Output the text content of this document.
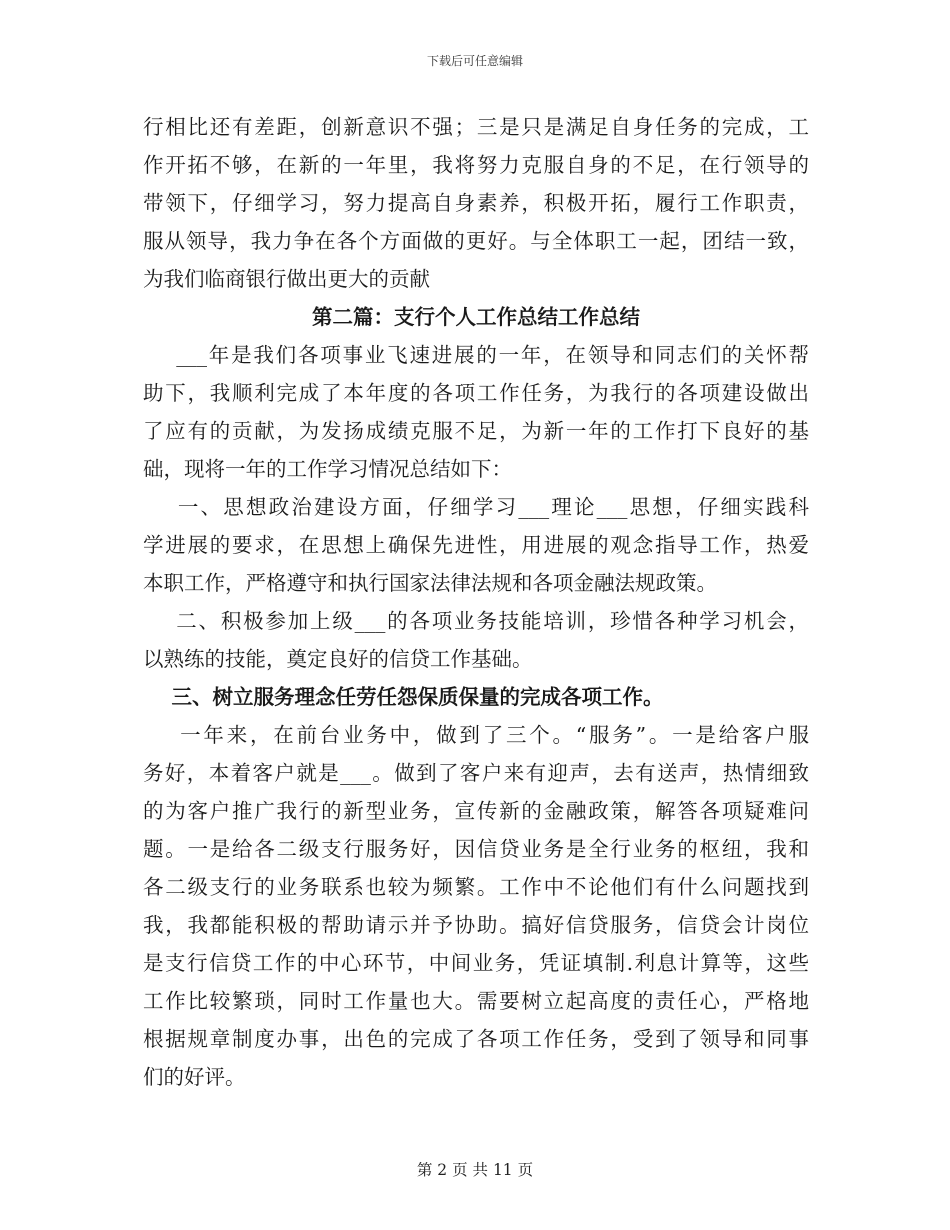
下载后可任意编辑
行相比还有差距，创新意识不强；三是只是满足自身任务的完成，工
作开拓不够，在新的一年里，我将努力克服自身的不足，在行领导的
带领下，仔细学习，努力提高自身素养，积极开拓，履行工作职责，
服从领导，我力争在各个方面做的更好。与全体职工一起，团结一致，
为我们临商银行做出更大的贡献
第二篇：支行个人工作总结工作总结
___年是我们各项事业飞速进展的一年，在领导和同志们的关怀帮
助下，我顺利完成了本年度的各项工作任务，为我行的各项建设做出
了应有的贡献，为发扬成绩克服不足，为新一年的工作打下良好的基
础，现将一年的工作学习情况总结如下：
一、思想政治建设方面，仔细学习___理论___思想，仔细实践科
学进展的要求，在思想上确保先进性，用进展的观念指导工作，热爱
本职工作，严格遵守和执行国家法律法规和各项金融法规政策。
二、积极参加上级___的各项业务技能培训，珍惜各种学习机会，
以熟练的技能，奠定良好的信贷工作基础。
三、树立服务理念任劳任怨保质保量的完成各项工作。
一年来，在前台业务中，做到了三个。“服务”。一是给客户服
务好，本着客户就是___。做到了客户来有迎声，去有送声，热情细致
的为客户推广我行的新型业务，宣传新的金融政策，解答各项疑难问
题。一是给各二级支行服务好，因信贷业务是全行业务的枢纽，我和
各二级支行的业务联系也较为频繁。工作中不论他们有什么问题找到
我，我都能积极的帮助请示并予协助。搞好信贷服务，信贷会计岗位
是支行信贷工作的中心环节，中间业务，凭证填制.利息计算等，这些
工作比较繁琐，同时工作量也大。需要树立起高度的责任心，严格地
根据规章制度办事，出色的完成了各项工作任务，受到了领导和同事
们的好评。
第 2 页 共 11 页
